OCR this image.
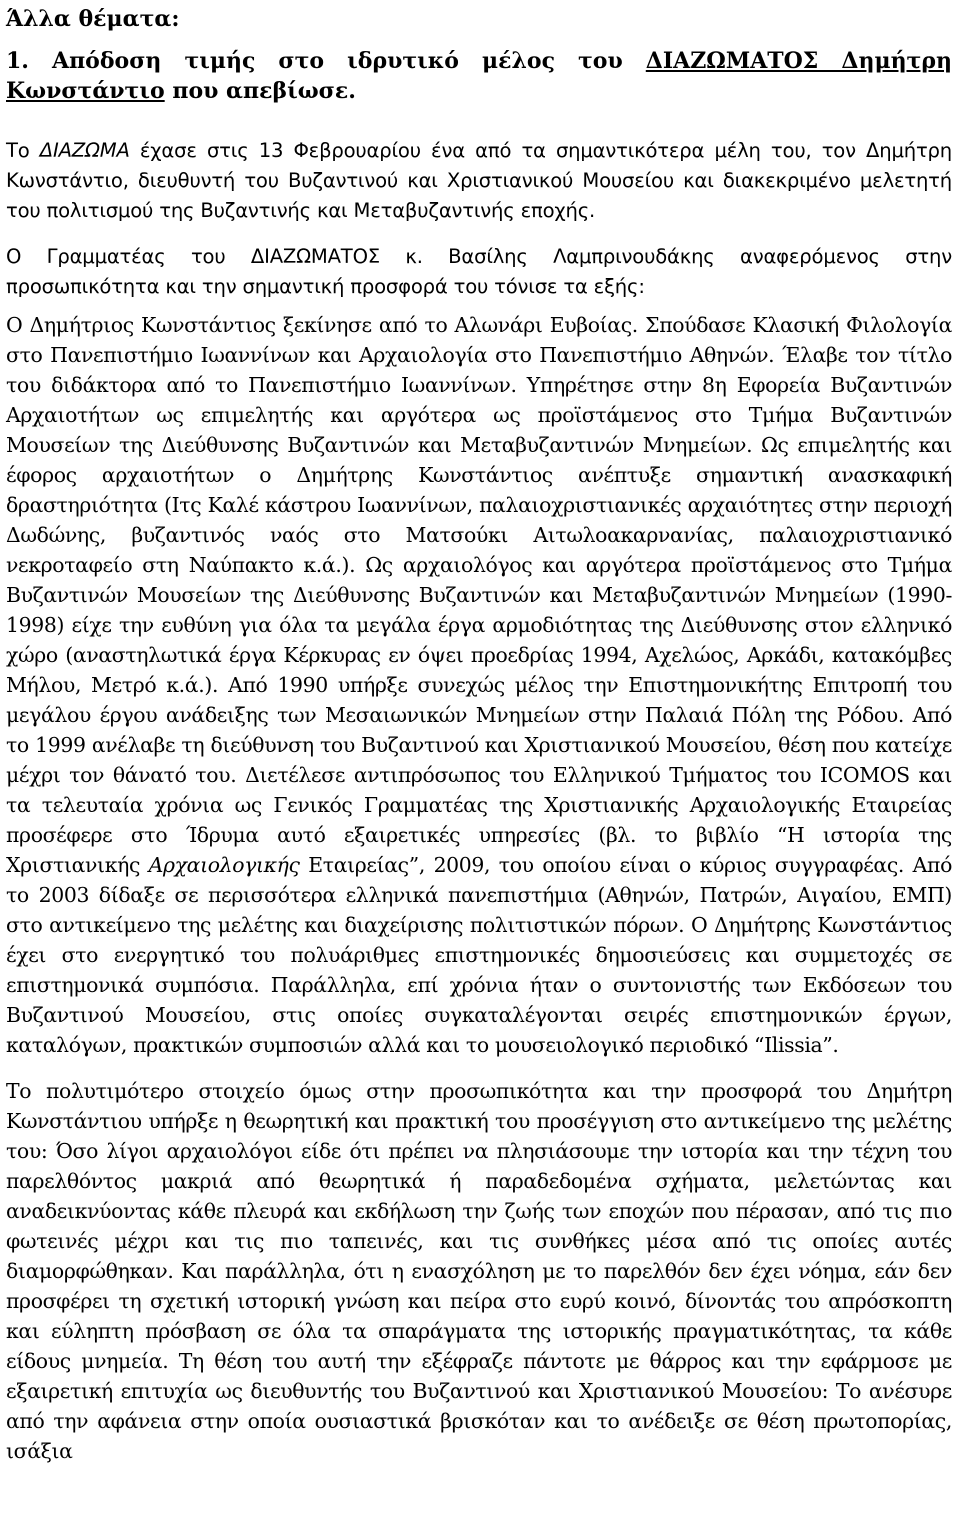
Άλλα θέματα:
1. Απόδοση τιμής στο ιδρυτικό μέλος του ΔΙΑΖΩΜΑΤΟΣ Δημήτρη Κωνστάντιο που απεβίωσε.

Το ΔΙΑΖΩΜΑ έχασε στις 13 Φεβρουαρίου ένα από τα σημαντικότερα μέλη του, τον Δημήτρη Κωνστάντιο, διευθυντή του Βυζαντινού και Χριστιανικού Μουσείου και διακεκριμένο μελετητή του πολιτισμού της Βυζαντινής και Μεταβυζαντινής εποχής.

Ο Γραμματέας του ΔΙΑΖΩΜΑΤΟΣ κ. Βασίλης Λαμπρινουδάκης αναφερόμενος στην προσωπικότητα και την σημαντική προσφορά του τόνισε τα εξής:

Ο Δημήτριος Κωνστάντιος ξεκίνησε από το Αλωνάρι Ευβοίας. Σπούδασε Κλασική Φιλολογία στο Πανεπιστήμιο Ιωαννίνων και Αρχαιολογία στο Πανεπιστήμιο Αθηνών. Έλαβε τον τίτλο του διδάκτορα από το Πανεπιστήμιο Ιωαννίνων. Υπηρέτησε στην 8η Εφορεία Βυζαντινών Αρχαιοτήτων ως επιμελητής και αργότερα ως προϊστάμενος στο Τμήμα Βυζαντινών Μουσείων της Διεύθυνσης Βυζαντινών και Μεταβυζαντινών Μνημείων. Ως επιμελητής και έφορος αρχαιοτήτων ο Δημήτρης Κωνστάντιος ανέπτυξε σημαντική ανασκαφική δραστηριότητα (Ιτς Καλέ κάστρου Ιωαννίνων, παλαιοχριστιανικές αρχαιότητες στην περιοχή Δωδώνης, βυζαντινός ναός στο Ματσούκι Αιτωλοακαρνανίας, παλαιοχριστιανικό νεκροταφείο στη Ναύπακτο κ.ά.). Ως αρχαιολόγος και αργότερα προϊστάμενος στο Τμήμα Βυζαντινών Μουσείων της Διεύθυνσης Βυζαντινών και Μεταβυζαντινών Μνημείων (1990-1998) είχε την ευθύνη για όλα τα μεγάλα έργα αρμοδιότητας της Διεύθυνσης στον ελληνικό χώρο (αναστηλωτικά έργα Κέρκυρας εν όψει προεδρίας 1994, Αχελώος, Αρκάδι, κατακόμβες Μήλου, Μετρό κ.ά.). Από 1990 υπήρξε συνεχώς μέλος την Επιστημονικήτης Επιτροπή του μεγάλου έργου ανάδειξης των Μεσαιωνικών Μνημείων στην Παλαιά Πόλη της Ρόδου. Από το 1999 ανέλαβε τη διεύθυνση του Βυζαντινού και Χριστιανικού Μουσείου, θέση που κατείχε μέχρι τον θάνατό του. Διετέλεσε αντιπρόσωπος του Ελληνικού Τμήματος του ICOMOS και τα τελευταία χρόνια ως Γενικός Γραμματέας της Χριστιανικής Αρχαιολογικής Εταιρείας προσέφερε στο Ίδρυμα αυτό εξαιρετικές υπηρεσίες (βλ. το βιβλίο “Η ιστορία της Χριστιανικής Αρχαιολογικής Εταιρείας”, 2009, του οποίου είναι ο κύριος συγγραφέας. Από το 2003 δίδαξε σε περισσότερα ελληνικά πανεπιστήμια (Αθηνών, Πατρών, Αιγαίου, ΕΜΠ) στο αντικείμενο της μελέτης και διαχείρισης πολιτιστικών πόρων. Ο Δημήτρης Κωνστάντιος έχει στο ενεργητικό του πολυάριθμες επιστημονικές δημοσιεύσεις και συμμετοχές σε επιστημονικά συμπόσια. Παράλληλα, επί χρόνια ήταν ο συντονιστής των Εκδόσεων του Βυζαντινού Μουσείου, στις οποίες συγκαταλέγονται σειρές επιστημονικών έργων, καταλόγων, πρακτικών συμποσιών αλλά και το μουσειολογικό περιοδικό “Ilissia”.

Το πολυτιμότερο στοιχείο όμως στην προσωπικότητα και την προσφορά του Δημήτρη Κωνστάντιου υπήρξε η θεωρητική και πρακτική του προσέγγιση στο αντικείμενο της μελέτης του: Όσο λίγοι αρχαιολόγοι είδε ότι πρέπει να πλησιάσουμε την ιστορία και την τέχνη του παρελθόντος μακριά από θεωρητικά ή παραδεδομένα σχήματα, μελετώντας και αναδεικνύοντας κάθε πλευρά και εκδήλωση την ζωής των εποχών που πέρασαν, από τις πιο φωτεινές μέχρι και τις πιο ταπεινές, και τις συνθήκες μέσα από τις οποίες αυτές διαμορφώθηκαν. Και παράλληλα, ότι η ενασχόληση με το παρελθόν δεν έχει νόημα, εάν δεν προσφέρει τη σχετική ιστορική γνώση και πείρα στο ευρύ κοινό, δίνοντάς του απρόσκοπτη και εύληπτη πρόσβαση σε όλα τα σπαράγματα της ιστορικής πραγματικότητας, τα κάθε είδους μνημεία. Τη θέση του αυτή την εξέφραζε πάντοτε με θάρρος και την εφάρμοσε με εξαιρετική επιτυχία ως διευθυντής του Βυζαντινού και Χριστιανικού Μουσείου: Το ανέσυρε από την αφάνεια στην οποία ουσιαστικά βρισκόταν και το ανέδειξε σε θέση πρωτοπορίας, ισάξια
